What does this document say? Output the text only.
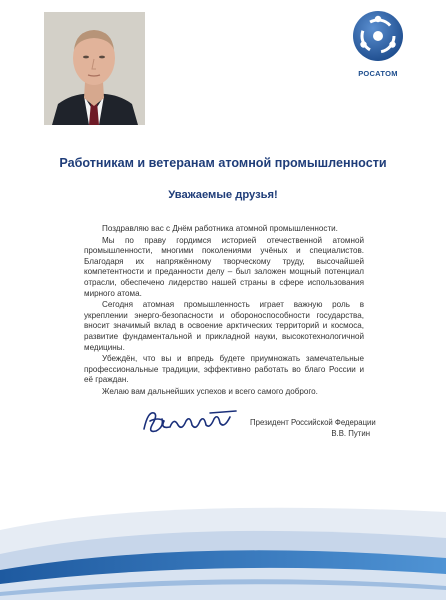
РОСАТОМ
Работникам и ветеранам атомной промышленности
Уважаемые друзья!

Поздравляю вас с Днём работника атомной промышленности.

Мы по праву гордимся историей отечественной атомной промышленности, многими поколениями учёных и специалистов. Благодаря их напряжённому творческому труду, высочайшей компетентности и преданности делу – был заложен мощный потенциал отрасли, обеспечено лидерство нашей страны в сфере использования мирного атома.

Сегодня атомная промышленность играет важную роль в укреплении энерго-безопасности и обороноспособности государства, вносит значимый вклад в освоение арктических территорий и космоса, развитие фундаментальной и прикладной науки, высокотехнологичной медицины.

Убеждён, что вы и впредь будете приумножать замечательные профессиональные традиции, эффективно работать во благо России и её граждан.

Желаю вам дальнейших успехов и всего самого доброго.

Президент Российской Федерации
В.В. Путин
